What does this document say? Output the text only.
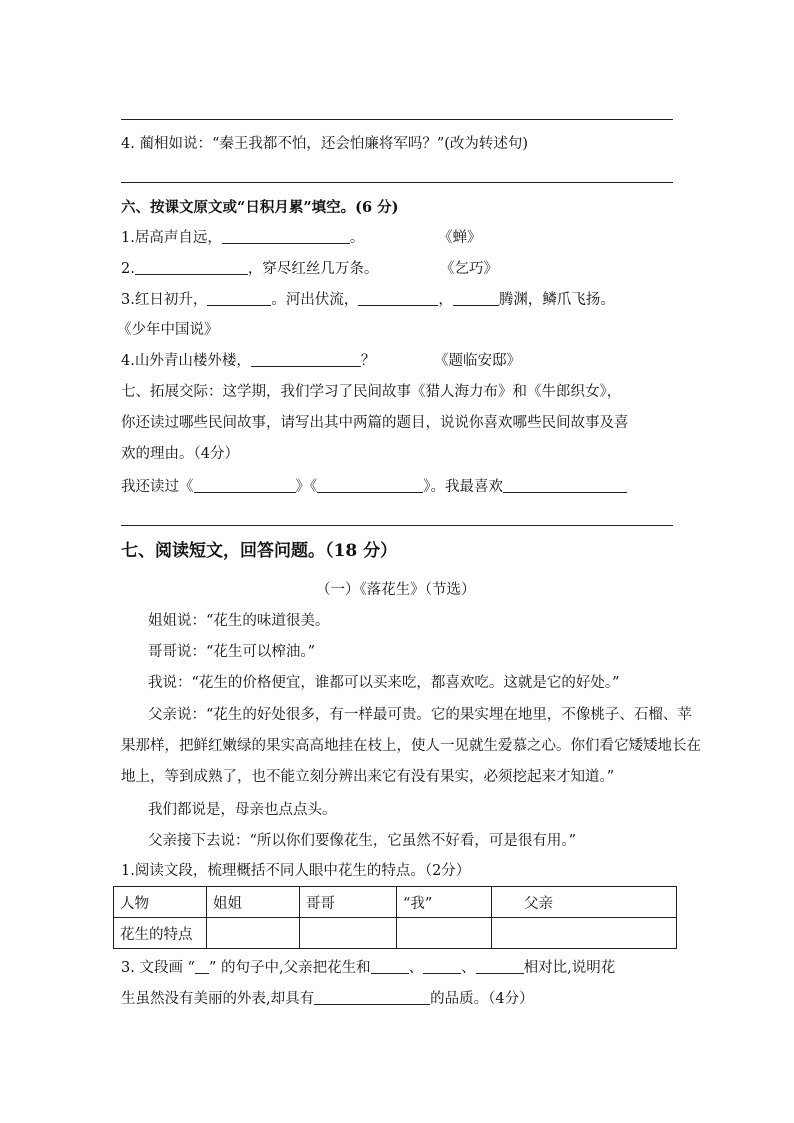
4. 蔺相如说：“秦王我都不怕，还会怕廉将军吗？”(改为转述句)
六、按课文原文或“日积月累”填空。(6 分)
1.居高声自远，	。	《蝉》
2.	，穿尽红丝几万条。	《乞巧》
3.红日初升，	。河出伏流，	，	腾渊，鳞爪飞扬。
《少年中国说》
4.山外青山楼外楼，	？	《题临安邸》
七、拓展交际：这学期，我们学习了民间故事《猎人海力布》和《牛郎织女》，
你还读过哪些民间故事，请写出其中两篇的题目，说说你喜欢哪些民间故事及喜
欢的理由。（4分）
我还读过《	》《	》。我最喜欢
七、阅读短文，回答问题。（18 分）
（一）《落花生》（节选）
姐姐说：“花生的味道很美。
哥哥说：“花生可以榨油。”
我说：“花生的价格便宜，谁都可以买来吃，都喜欢吃。这就是它的好处。”
父亲说：“花生的好处很多，有一样最可贵。它的果实埋在地里，不像桃子、石榴、苹
果那样，把鲜红嫩绿的果实高高地挂在枝上，使人一见就生爱慕之心。你们看它矮矮地长在
地上，等到成熟了，也不能立刻分辨出来它有没有果实，必须挖起来才知道。”
我们都说是，母亲也点点头。
父亲接下去说：“所以你们要像花生，它虽然不好看，可是很有用。”
1.阅读文段，梳理概括不同人眼中花生的特点。（2分）
人物	姐姐	哥哥	“我”	父亲
花生的特点				
3. 文段画 “ ” 的句子中,父亲把花生和	、	、	相对比,说明花
生虽然没有美丽的外表,却具有	的品质。（4分）
